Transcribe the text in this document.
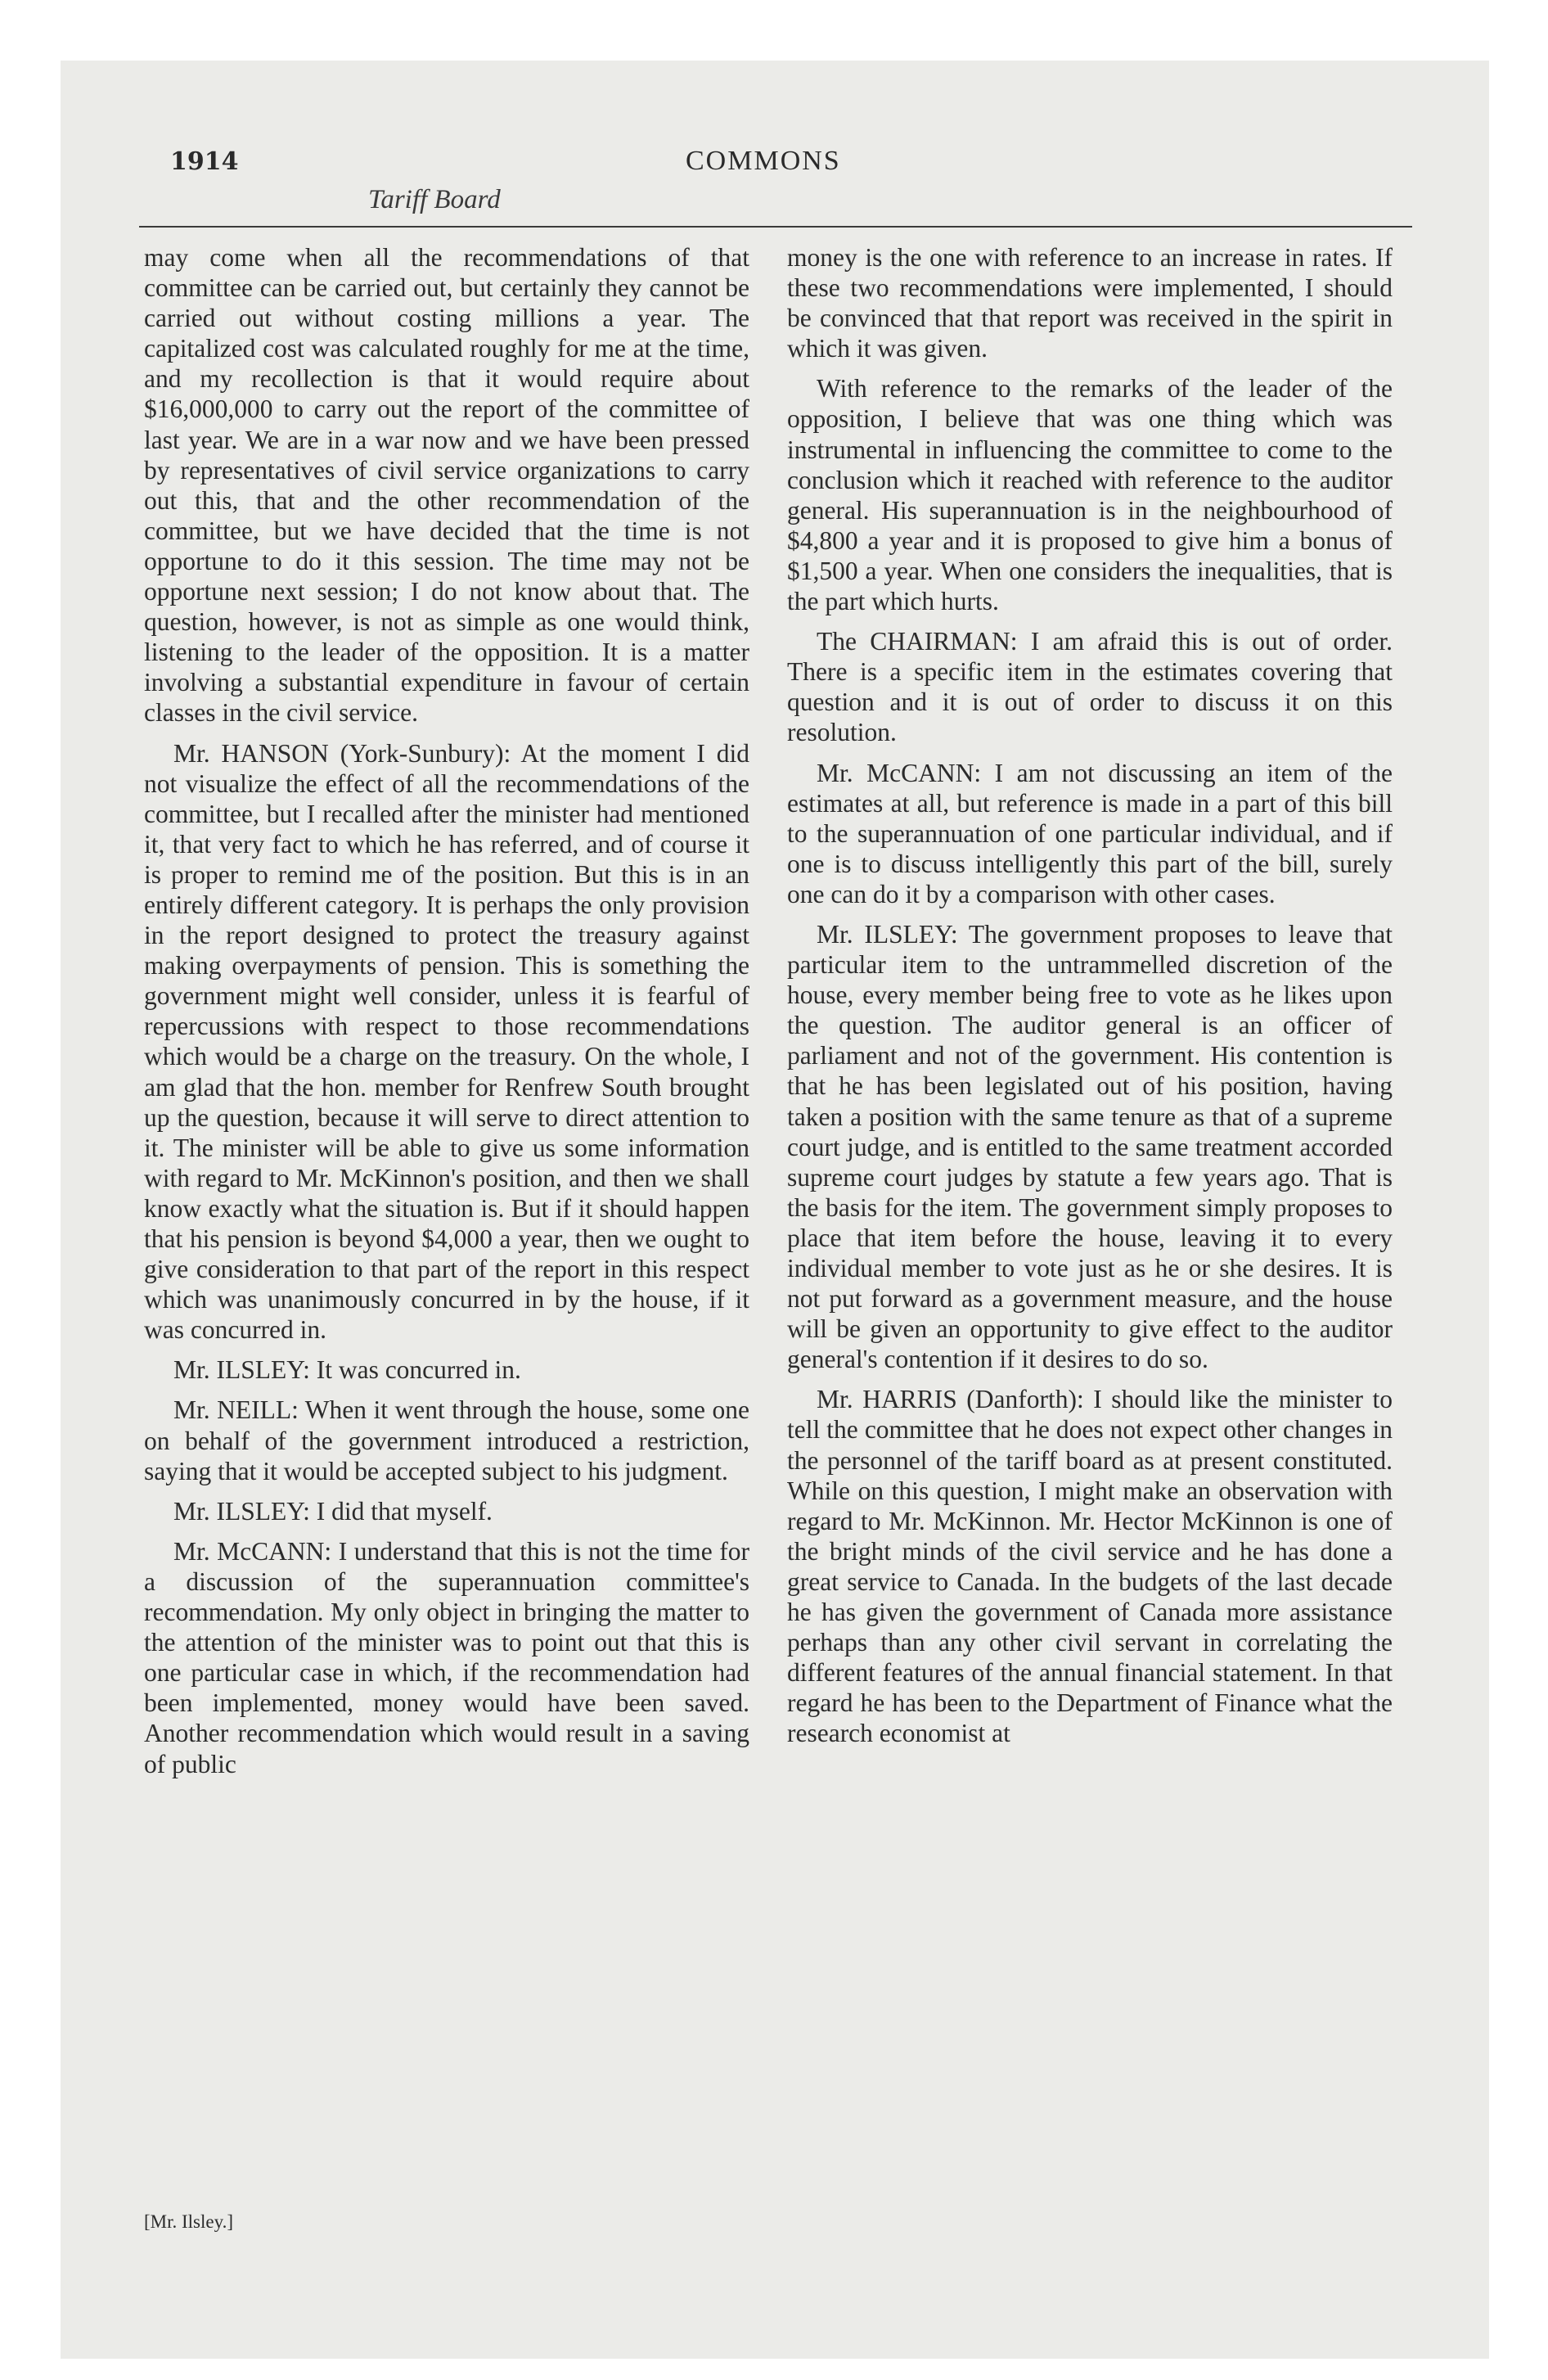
1914	COMMONS
Tariff Board

may come when all the recommendations of that committee can be carried out, but certainly they cannot be carried out without costing millions a year. The capitalized cost was calculated roughly for me at the time, and my recollection is that it would require about $16,000,000 to carry out the report of the committee of last year. We are in a war now and we have been pressed by representatives of civil service organizations to carry out this, that and the other recommendation of the committee, but we have decided that the time is not opportune to do it this session. The time may not be opportune next session; I do not know about that. The question, however, is not as simple as one would think, listening to the leader of the opposition. It is a matter involving a substantial expenditure in favour of certain classes in the civil service.

Mr. HANSON (York-Sunbury): At the moment I did not visualize the effect of all the recommendations of the committee, but I recalled after the minister had mentioned it, that very fact to which he has referred, and of course it is proper to remind me of the position. But this is in an entirely different category. It is perhaps the only provision in the report designed to protect the treasury against making overpayments of pension. This is something the government might well consider, unless it is fearful of repercussions with respect to those recommendations which would be a charge on the treasury. On the whole, I am glad that the hon. member for Renfrew South brought up the question, because it will serve to direct attention to it. The minister will be able to give us some information with regard to Mr. McKinnon's position, and then we shall know exactly what the situation is. But if it should happen that his pension is beyond $4,000 a year, then we ought to give consideration to that part of the report in this respect which was unanimously concurred in by the house, if it was concurred in.

Mr. ILSLEY: It was concurred in.

Mr. NEILL: When it went through the house, some one on behalf of the government introduced a restriction, saying that it would be accepted subject to his judgment.

Mr. ILSLEY: I did that myself.

Mr. McCANN: I understand that this is not the time for a discussion of the superannuation committee's recommendation. My only object in bringing the matter to the attention of the minister was to point out that this is one particular case in which, if the recommendation had been implemented, money would have been saved. Another recommendation which would result in a saving of public

money is the one with reference to an increase in rates. If these two recommendations were implemented, I should be convinced that that report was received in the spirit in which it was given.

With reference to the remarks of the leader of the opposition, I believe that was one thing which was instrumental in influencing the committee to come to the conclusion which it reached with reference to the auditor general. His superannuation is in the neighbourhood of $4,800 a year and it is proposed to give him a bonus of $1,500 a year. When one considers the inequalities, that is the part which hurts.

The CHAIRMAN: I am afraid this is out of order. There is a specific item in the estimates covering that question and it is out of order to discuss it on this resolution.

Mr. McCANN: I am not discussing an item of the estimates at all, but reference is made in a part of this bill to the superannuation of one particular individual, and if one is to discuss intelligently this part of the bill, surely one can do it by a comparison with other cases.

Mr. ILSLEY: The government proposes to leave that particular item to the untrammelled discretion of the house, every member being free to vote as he likes upon the question. The auditor general is an officer of parliament and not of the government. His contention is that he has been legislated out of his position, having taken a position with the same tenure as that of a supreme court judge, and is entitled to the same treatment accorded supreme court judges by statute a few years ago. That is the basis for the item. The government simply proposes to place that item before the house, leaving it to every individual member to vote just as he or she desires. It is not put forward as a government measure, and the house will be given an opportunity to give effect to the auditor general's contention if it desires to do so.

Mr. HARRIS (Danforth): I should like the minister to tell the committee that he does not expect other changes in the personnel of the tariff board as at present constituted. While on this question, I might make an observation with regard to Mr. McKinnon. Mr. Hector McKinnon is one of the bright minds of the civil service and he has done a great service to Canada. In the budgets of the last decade he has given the government of Canada more assistance perhaps than any other civil servant in correlating the different features of the annual financial statement. In that regard he has been to the Department of Finance what the research economist at

[Mr. Ilsley.]
